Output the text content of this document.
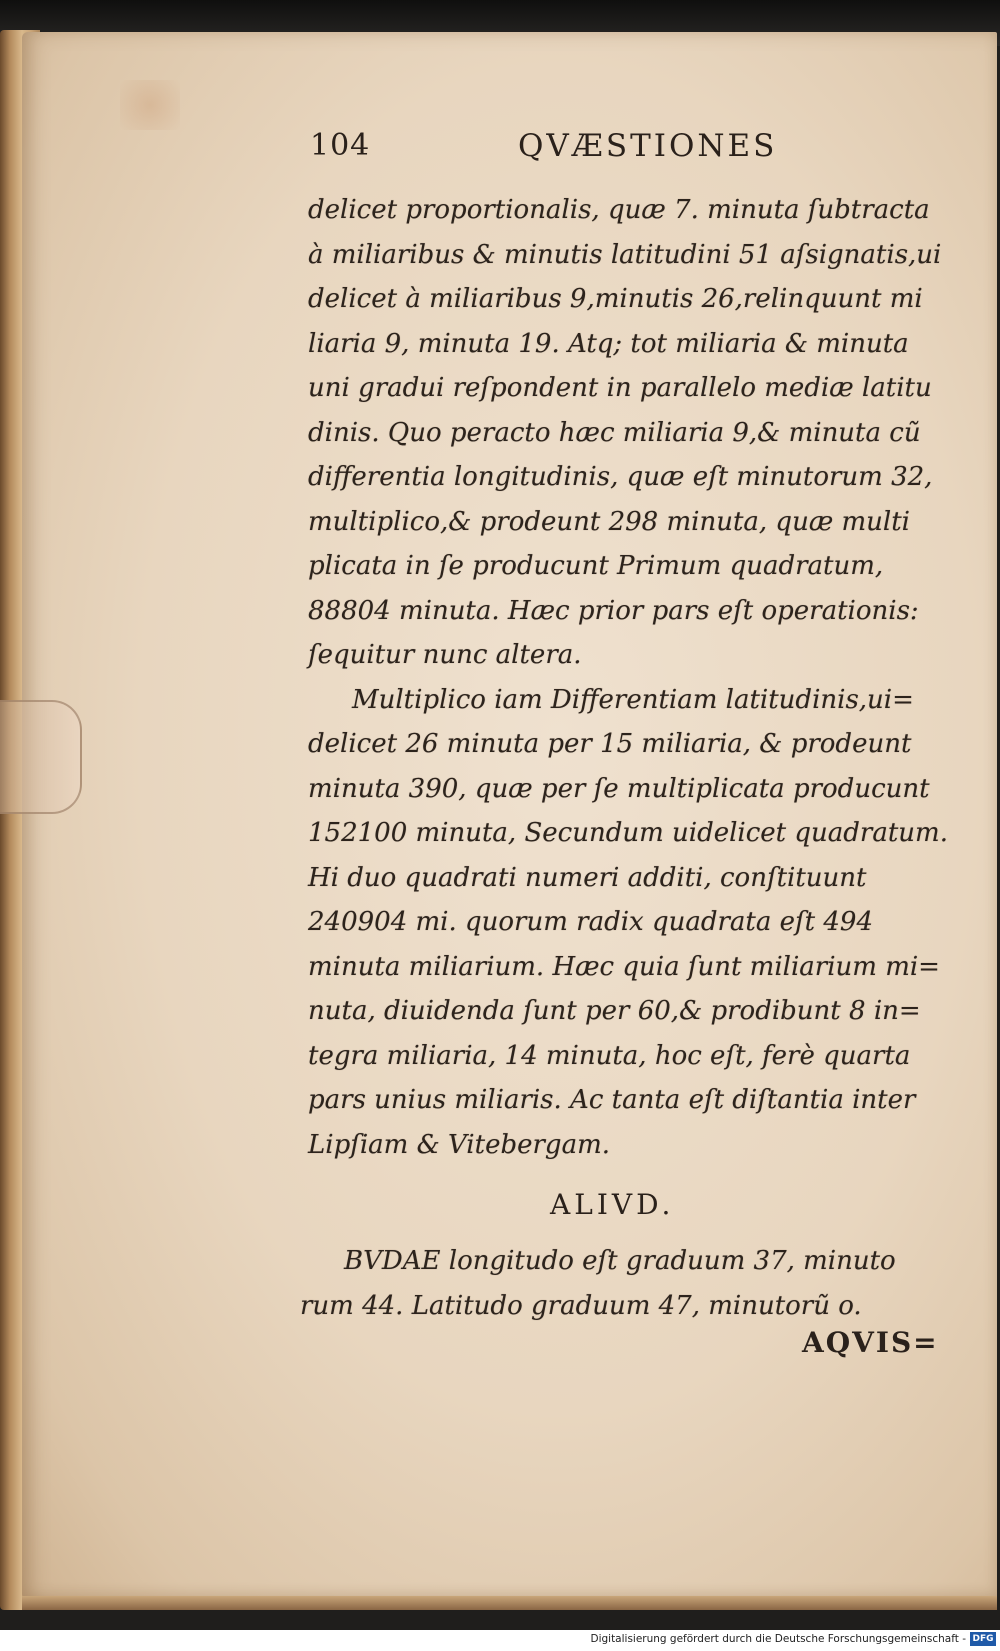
104	QVÆSTIONES
delicet proportionalis, quæ 7. minuta ſubtracta
à miliaribus & minutis latitudini 51 aſsignatis,ui
delicet à miliaribus 9,minutis 26,relinquunt mi
liaria 9, minuta 19. Atq; tot miliaria & minuta
uni gradui reſpondent in parallelo mediæ latitu
dinis. Quo peracto hæc miliaria 9,& minuta cũ
differentia longitudinis, quæ eſt minutorum 32,
multiplico,& prodeunt 298 minuta, quæ multi
plicata in ſe producunt Primum quadratum,
88804 minuta. Hæc prior pars eſt operationis:
ſequitur nunc altera.
Multiplico iam Differentiam latitudinis,ui=
delicet 26 minuta per 15 miliaria, & prodeunt
minuta 390, quæ per ſe multiplicata producunt
152100 minuta, Secundum uidelicet quadratum.
Hi duo quadrati numeri additi, conſtituunt
240904 mi. quorum radix quadrata eſt 494
minuta miliarium. Hæc quia ſunt miliarium mi=
nuta, diuidenda ſunt per 60,& prodibunt 8 in=
tegra miliaria, 14 minuta, hoc eſt, ferè quarta
pars unius miliaris. Ac tanta eſt diſtantia inter
Lipſiam & Vitebergam.
ALIVD.
BVDAE longitudo eſt graduum 37, minuto
rum 44. Latitudo graduum 47, minutorũ o.
AQVIS=
Digitalisierung gefördert durch die Deutsche Forschungsgemeinschaft - DFG
